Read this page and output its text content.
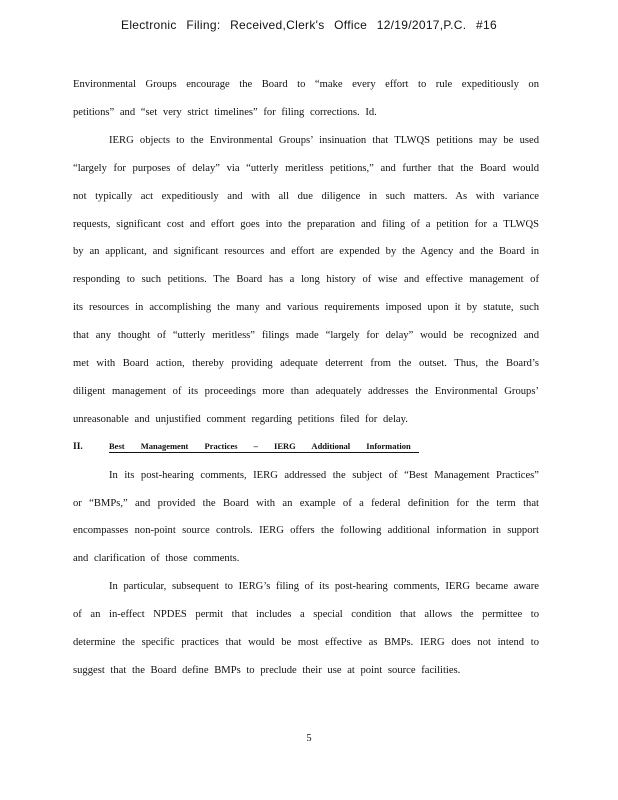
Electronic Filing: Received,Clerk's Office 12/19/2017,P.C. #16

Environmental Groups encourage the Board to “make every effort to rule expeditiously on petitions” and “set very strict timelines” for filing corrections. Id.

IERG objects to the Environmental Groups’ insinuation that TLWQS petitions may be used “largely for purposes of delay” via “utterly meritless petitions,” and further that the Board would not typically act expeditiously and with all due diligence in such matters. As with variance requests, significant cost and effort goes into the preparation and filing of a petition for a TLWQS by an applicant, and significant resources and effort are expended by the Agency and the Board in responding to such petitions. The Board has a long history of wise and effective management of its resources in accomplishing the many and various requirements imposed upon it by statute, such that any thought of “utterly meritless” filings made “largely for delay” would be recognized and met with Board action, thereby providing adequate deterrent from the outset. Thus, the Board’s diligent management of its proceedings more than adequately addresses the Environmental Groups’ unreasonable and unjustified comment regarding petitions filed for delay.

II.	Best Management Practices – IERG Additional Information

In its post-hearing comments, IERG addressed the subject of “Best Management Practices” or “BMPs,” and provided the Board with an example of a federal definition for the term that encompasses non-point source controls. IERG offers the following additional information in support and clarification of those comments.

In particular, subsequent to IERG’s filing of its post-hearing comments, IERG became aware of an in-effect NPDES permit that includes a special condition that allows the permittee to determine the specific practices that would be most effective as BMPs. IERG does not intend to suggest that the Board define BMPs to preclude their use at point source facilities.

5
